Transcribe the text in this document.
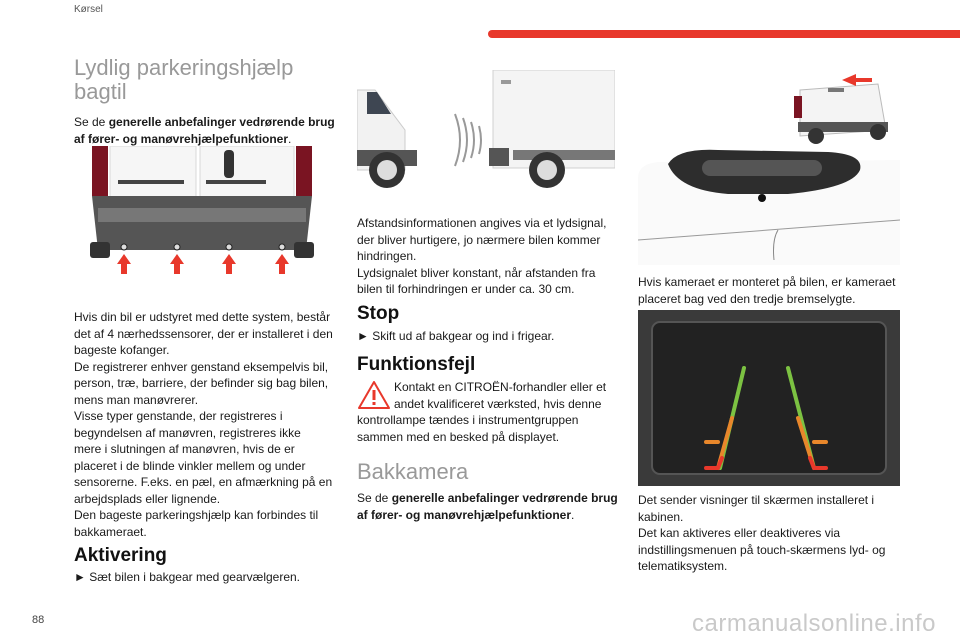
Kørsel
Lydlig parkeringshjælp
bagtil

Se de generelle anbefalinger vedrørende brug af fører- og manøvrehjælpefunktioner.

Hvis din bil er udstyret med dette system, består

det af 4 nærhedssensorer, der er installeret i den

bageste kofanger.

De registrerer enhver genstand eksempelvis bil,

person, træ, barriere, der befinder sig bag bilen,

mens man manøvrerer.

Visse typer genstande, der registreres i

begyndelsen af manøvren, registreres ikke

mere i slutningen af manøvren, hvis de er

placeret i de blinde vinkler mellem og under

sensorerne. F.eks. en pæl, en afmærkning på en

arbejdsplads eller lignende.

Den bageste parkeringshjælp kan forbindes til

bakkameraet.

Aktivering

► Sæt bilen i bakgear med gearvælgeren.

Afstandsinformationen angives via et lydsignal,

der bliver hurtigere, jo nærmere bilen kommer

hindringen.

Lydsignalet bliver konstant, når afstanden fra

bilen til forhindringen er under ca. 30 cm.

Stop

► Skift ud af bakgear og ind i frigear.

Funktionsfejl

Kontakt en CITROËN-forhandler eller et

andet kvalificeret værksted, hvis denne

kontrollampe tændes i instrumentgruppen

sammen med en besked på displayet.

Bakkamera

Se de generelle anbefalinger vedrørende brug af fører- og manøvrehjælpefunktioner.

Hvis kameraet er monteret på bilen, er kameraet

placeret bag ved den tredje bremselygte.

Det sender visninger til skærmen installeret i

kabinen.

Det kan aktiveres eller deaktiveres via

indstillingsmenuen på touch-skærmens lyd- og

telematiksystem.

88	carmanualsonline.info
